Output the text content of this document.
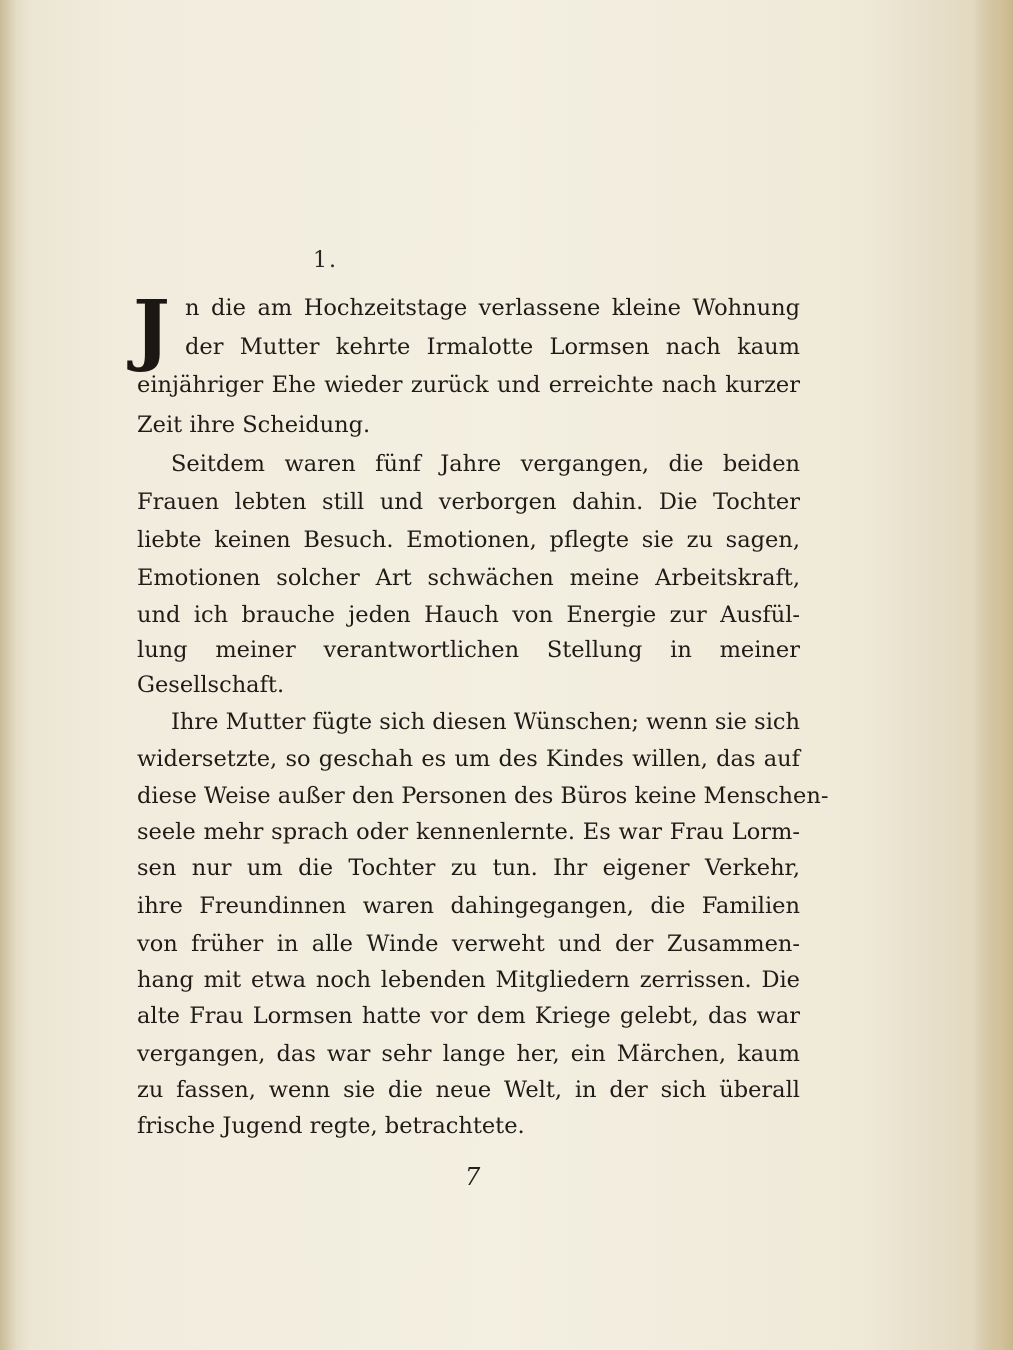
1.
J n die am Hochzeitstage verlassene kleine Wohnung
der Mutter kehrte Irmalotte Lormsen nach kaum
einjähriger Ehe wieder zurück und erreichte nach kurzer
Zeit ihre Scheidung.
Seitdem waren fünf Jahre vergangen, die beiden
Frauen lebten still und verborgen dahin. Die Tochter
liebte keinen Besuch. Emotionen, pflegte sie zu sagen,
Emotionen solcher Art schwächen meine Arbeitskraft,
und ich brauche jeden Hauch von Energie zur Ausfül-
lung meiner verantwortlichen Stellung in meiner
Gesellschaft.
Ihre Mutter fügte sich diesen Wünschen; wenn sie sich
widersetzte, so geschah es um des Kindes willen, das auf
diese Weise außer den Personen des Büros keine Menschen-
seele mehr sprach oder kennenlernte. Es war Frau Lorm-
sen nur um die Tochter zu tun. Ihr eigener Verkehr,
ihre Freundinnen waren dahingegangen, die Familien
von früher in alle Winde verweht und der Zusammen-
hang mit etwa noch lebenden Mitgliedern zerrissen. Die
alte Frau Lormsen hatte vor dem Kriege gelebt, das war
vergangen, das war sehr lange her, ein Märchen, kaum
zu fassen, wenn sie die neue Welt, in der sich überall
frische Jugend regte, betrachtete.
7
